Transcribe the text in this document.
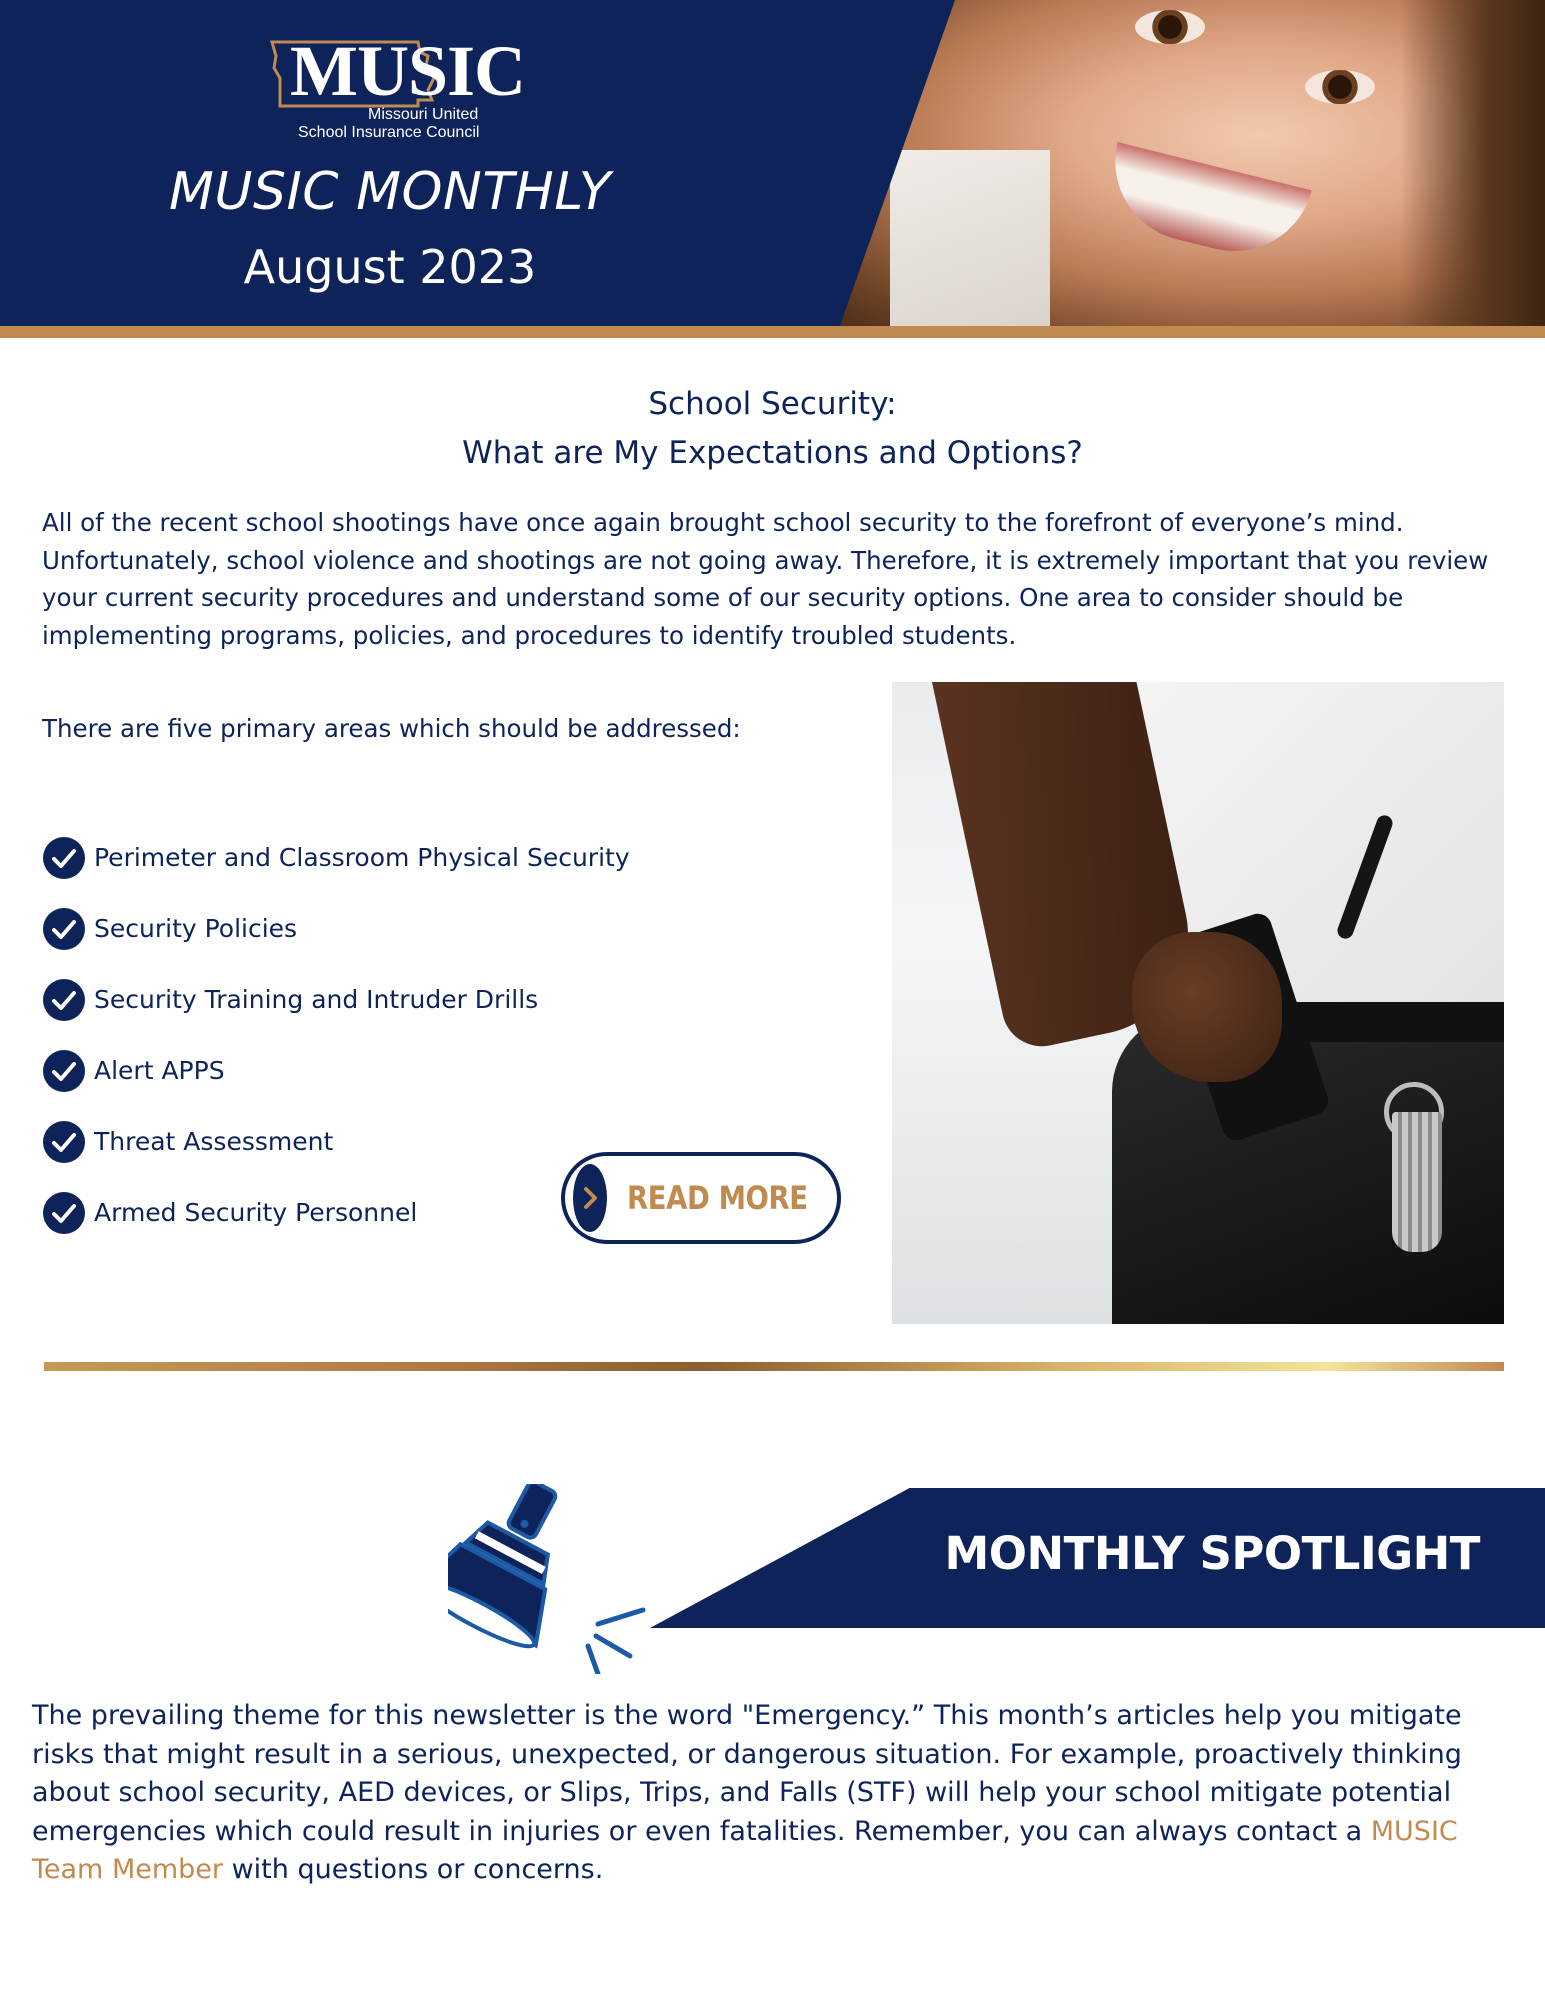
MUSIC
Missouri United
School Insurance Council
MUSIC MONTHLY
August 2023
School Security:
What are My Expectations and Options?

All of the recent school shootings have once again brought school security to the forefront of everyone’s mind. Unfortunately, school violence and shootings are not going away. Therefore, it is extremely important that you review your current security procedures and understand some of our security options. One area to consider should be implementing programs, policies, and procedures to identify troubled students.

There are five primary areas which should be addressed:

Perimeter and Classroom Physical Security
Security Policies
Security Training and Intruder Drills
Alert APPS
Threat Assessment
Armed Security Personnel	READ MORE
MONTHLY SPOTLIGHT

The prevailing theme for this newsletter is the word "Emergency.” This month’s articles help you mitigate risks that might result in a serious, unexpected, or dangerous situation. For example, proactively thinking about school security, AED devices, or Slips, Trips, and Falls (STF) will help your school mitigate potential emergencies which could result in injuries or even fatalities. Remember, you can always contact a MUSIC Team Member with questions or concerns.
